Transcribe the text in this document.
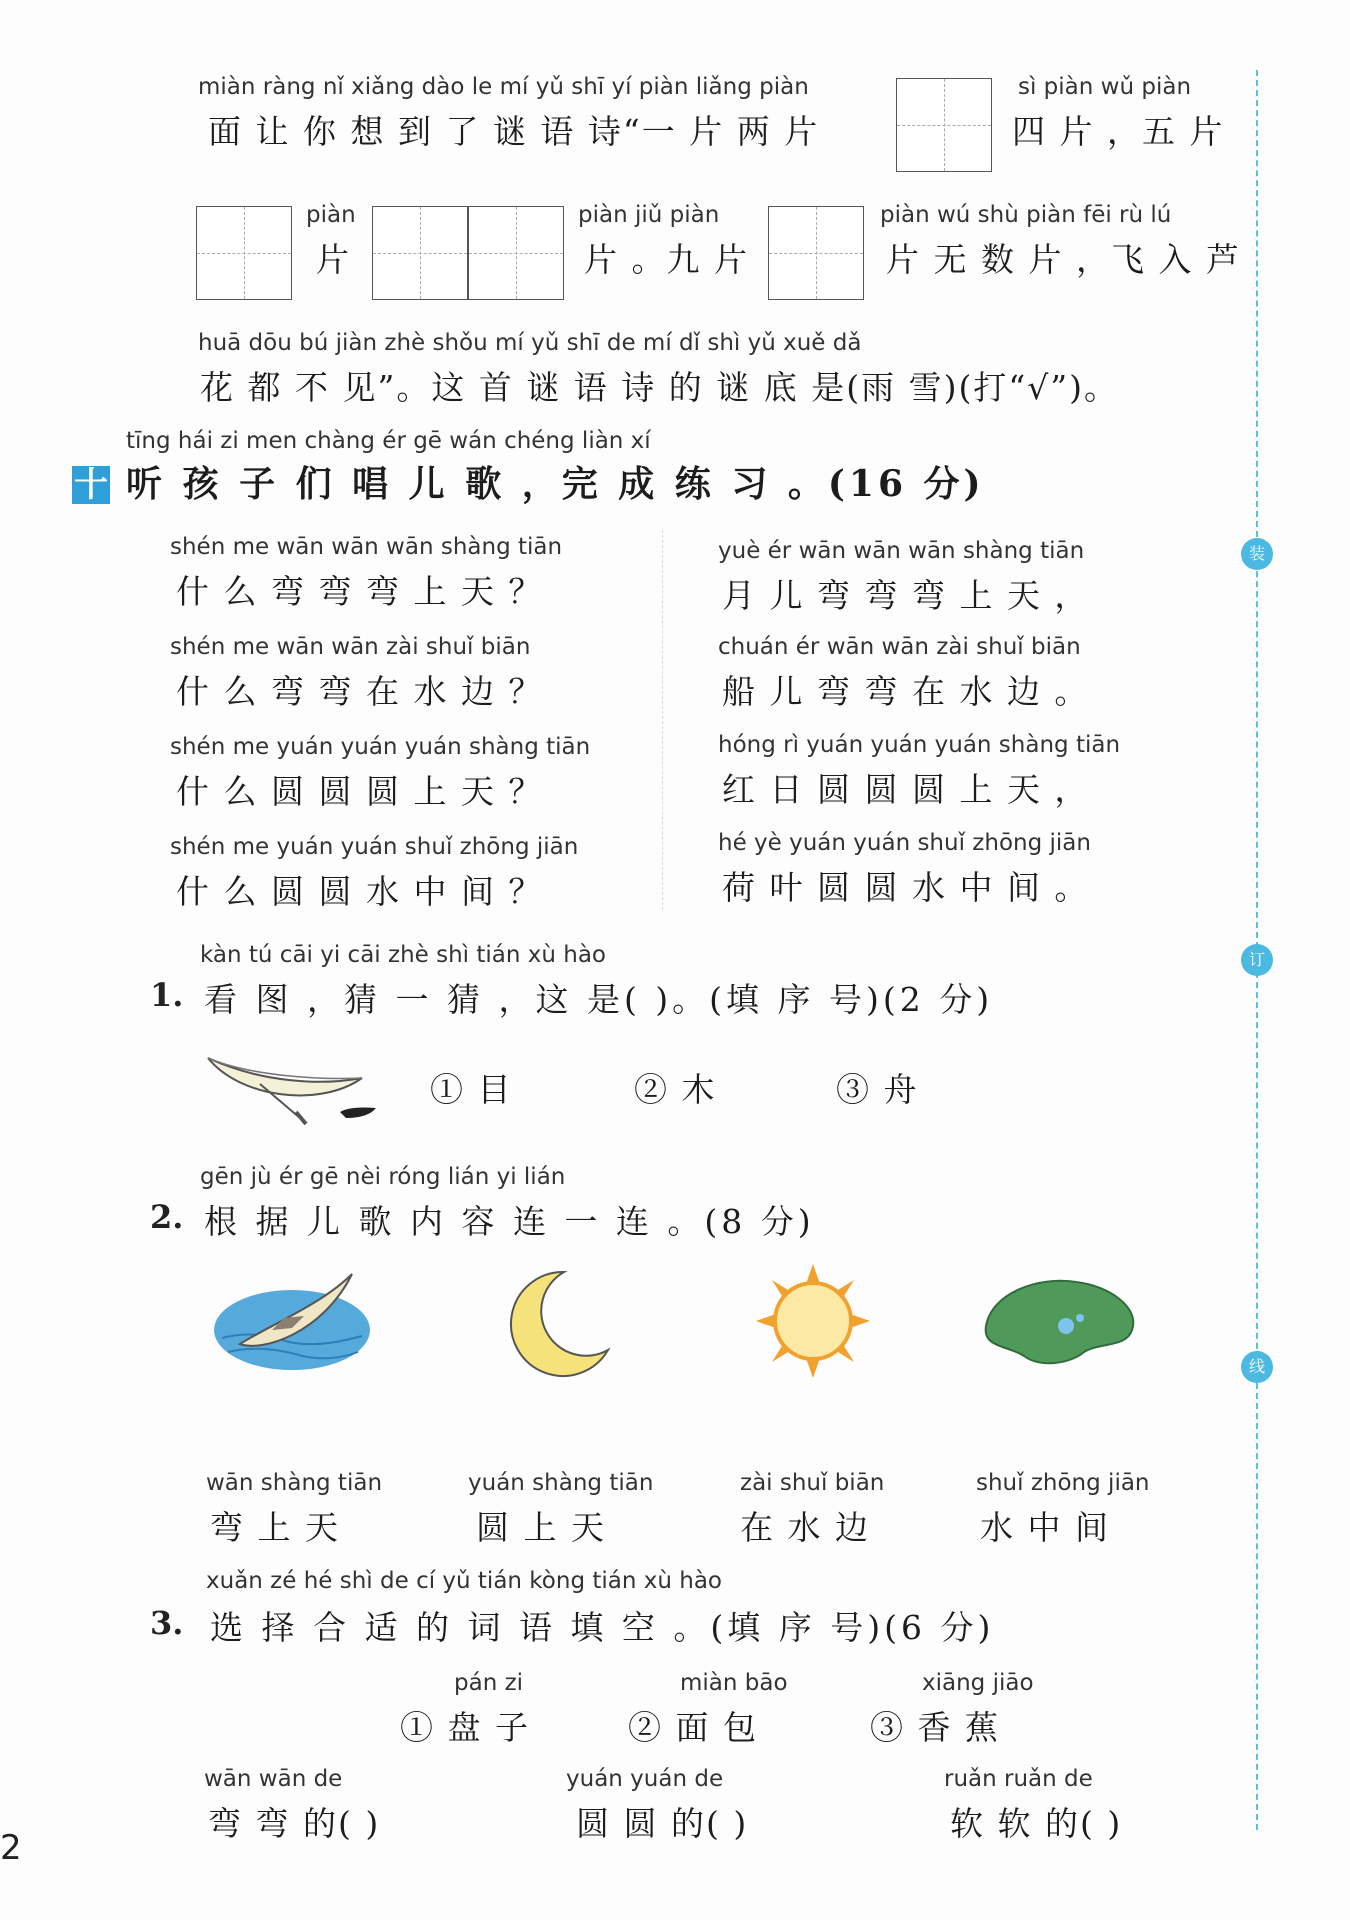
装
订
线
miàn ràng nǐ xiǎng dào le mí yǔ shī yí piàn liǎng piàn
面 让 你 想 到 了 谜 语 诗“一 片 两 片
sì piàn wǔ piàn
四 片 ，五 片
piàn
片
piàn jiǔ piàn
片 。九 片
piàn wú shù piàn fēi rù lú
片 无 数 片 ，飞 入 芦
huā dōu bú jiàn zhè shǒu mí yǔ shī de mí dǐ shì yǔ xuě dǎ
花 都 不 见”。这 首 谜 语 诗 的 谜 底 是(雨 雪)(打“√”)。
tīng hái zi men chàng ér gē wán chéng liàn xí
十 听 孩 子 们 唱 儿 歌 ，完 成 练 习 。(16 分)
shén me wān wān wān shàng tiān
什 么 弯 弯 弯 上 天 ？
shén me wān wān zài shuǐ biān
什 么 弯 弯 在 水 边 ？
shén me yuán yuán yuán shàng tiān
什 么 圆 圆 圆 上 天 ？
shén me yuán yuán shuǐ zhōng jiān
什 么 圆 圆 水 中 间 ？
yuè ér wān wān wān shàng tiān
月 儿 弯 弯 弯 上 天 ，
chuán ér wān wān zài shuǐ biān
船 儿 弯 弯 在 水 边 。
hóng rì yuán yuán yuán shàng tiān
红 日 圆 圆 圆 上 天 ，
hé yè yuán yuán shuǐ zhōng jiān
荷 叶 圆 圆 水 中 间 。
kàn tú cāi yi cāi zhè shì tián xù hào
1. 看 图 ，猜 一 猜 ，这 是( )。(填 序 号)(2 分)
① 目	② 木	③ 舟
gēn jù ér gē nèi róng lián yi lián
2. 根 据 儿 歌 内 容 连 一 连 。(8 分)
wān shàng tiān
弯 上 天
yuán shàng tiān
圆 上 天
zài shuǐ biān
在 水 边
shuǐ zhōng jiān
水 中 间
xuǎn zé hé shì de cí yǔ tián kòng tián xù hào
3. 选 择 合 适 的 词 语 填 空 。(填 序 号)(6 分)
pán zi
① 盘 子
miàn bāo
② 面 包
xiāng jiāo
③ 香 蕉
wān wān de
弯 弯 的( )
yuán yuán de
圆 圆 的( )
ruǎn ruǎn de
软 软 的( )
2
